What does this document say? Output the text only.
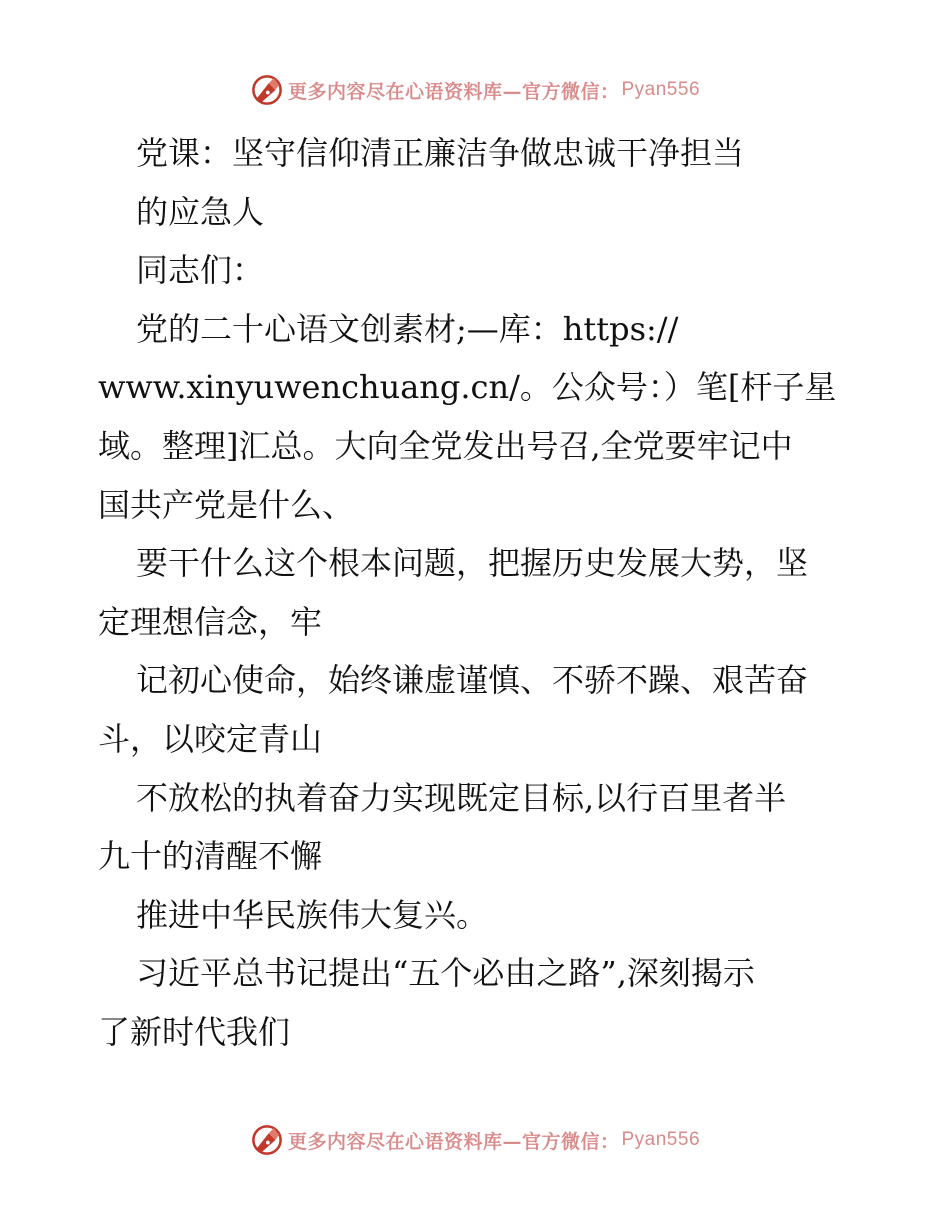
更多内容尽在心语资料库—官方微信： Pyan556

党课：坚守信仰清正廉洁争做忠诚干净担当

的应急人

同志们：

党的二十心语文创素材;—库：https://

www.xinyuwenchuang.cn/。公众号：）笔[杆子星

域。整理]汇总。大向全党发出号召,全党要牢记中

国共产党是什么、

要干什么这个根本问题，把握历史发展大势，坚

定理想信念，牢

记初心使命，始终谦虚谨慎、不骄不躁、艰苦奋

斗，以咬定青山

不放松的执着奋力实现既定目标,以行百里者半

九十的清醒不懈

推进中华民族伟大复兴。

习近平总书记提出“五个必由之路”,深刻揭示

了新时代我们

更多内容尽在心语资料库—官方微信： Pyan556
